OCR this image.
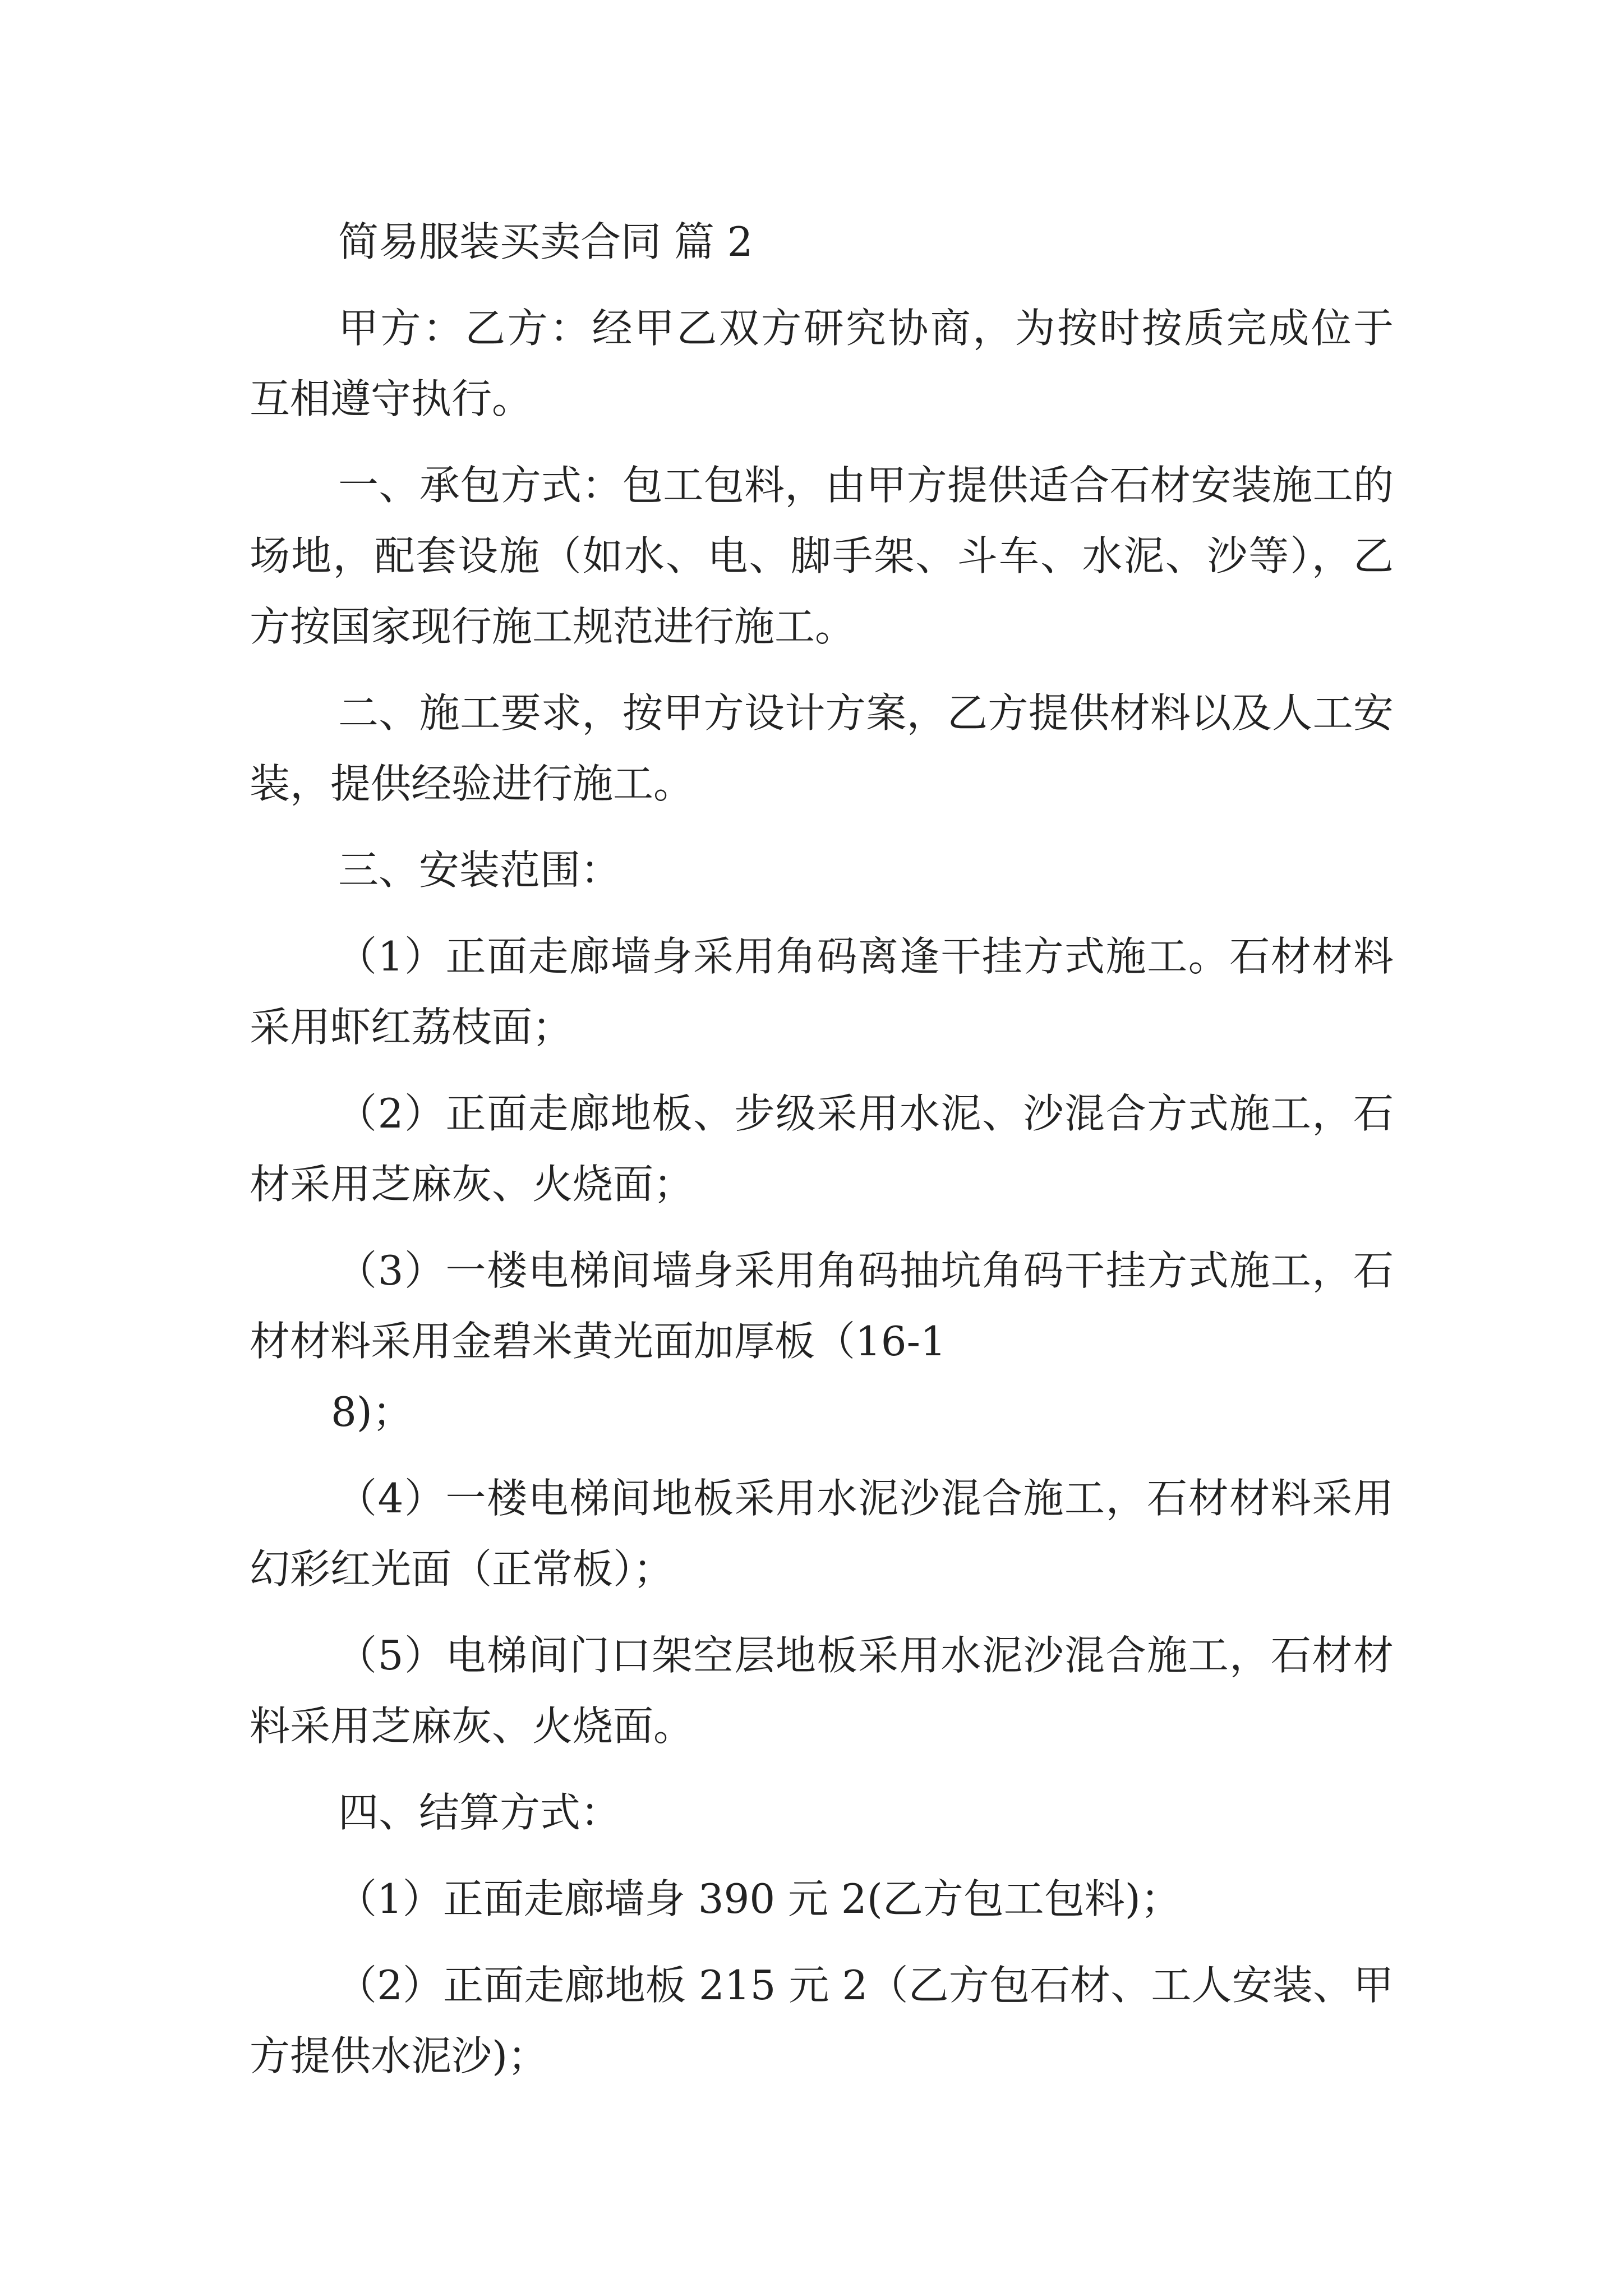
简易服装买卖合同 篇 2

甲方：乙方：经甲乙双方研究协商，为按时按质完成位于 互相遵守执行。

一、承包方式：包工包料，由甲方提供适合石材安装施工的场地，配套设施（如水、电、脚手架、斗车、水泥、沙等），乙方按国家现行施工规范进行施工。

二、施工要求，按甲方设计方案，乙方提供材料以及人工安装，提供经验进行施工。

三、安装范围：

（1）正面走廊墙身采用角码离逢干挂方式施工。石材材料采用虾红荔枝面；

（2）正面走廊地板、步级采用水泥、沙混合方式施工，石材采用芝麻灰、火烧面；

（3）一楼电梯间墙身采用角码抽坑角码干挂方式施工，石材材料采用金碧米黄光面加厚板（16-1

8)；

（4）一楼电梯间地板采用水泥沙混合施工，石材材料采用幻彩红光面（正常板）；

（5）电梯间门口架空层地板采用水泥沙混合施工，石材材料采用芝麻灰、火烧面。

四、结算方式：

（1）正面走廊墙身 390 元 2(乙方包工包料)；

（2）正面走廊地板 215 元 2（乙方包石材、工人安装、甲方提供水泥沙)；
